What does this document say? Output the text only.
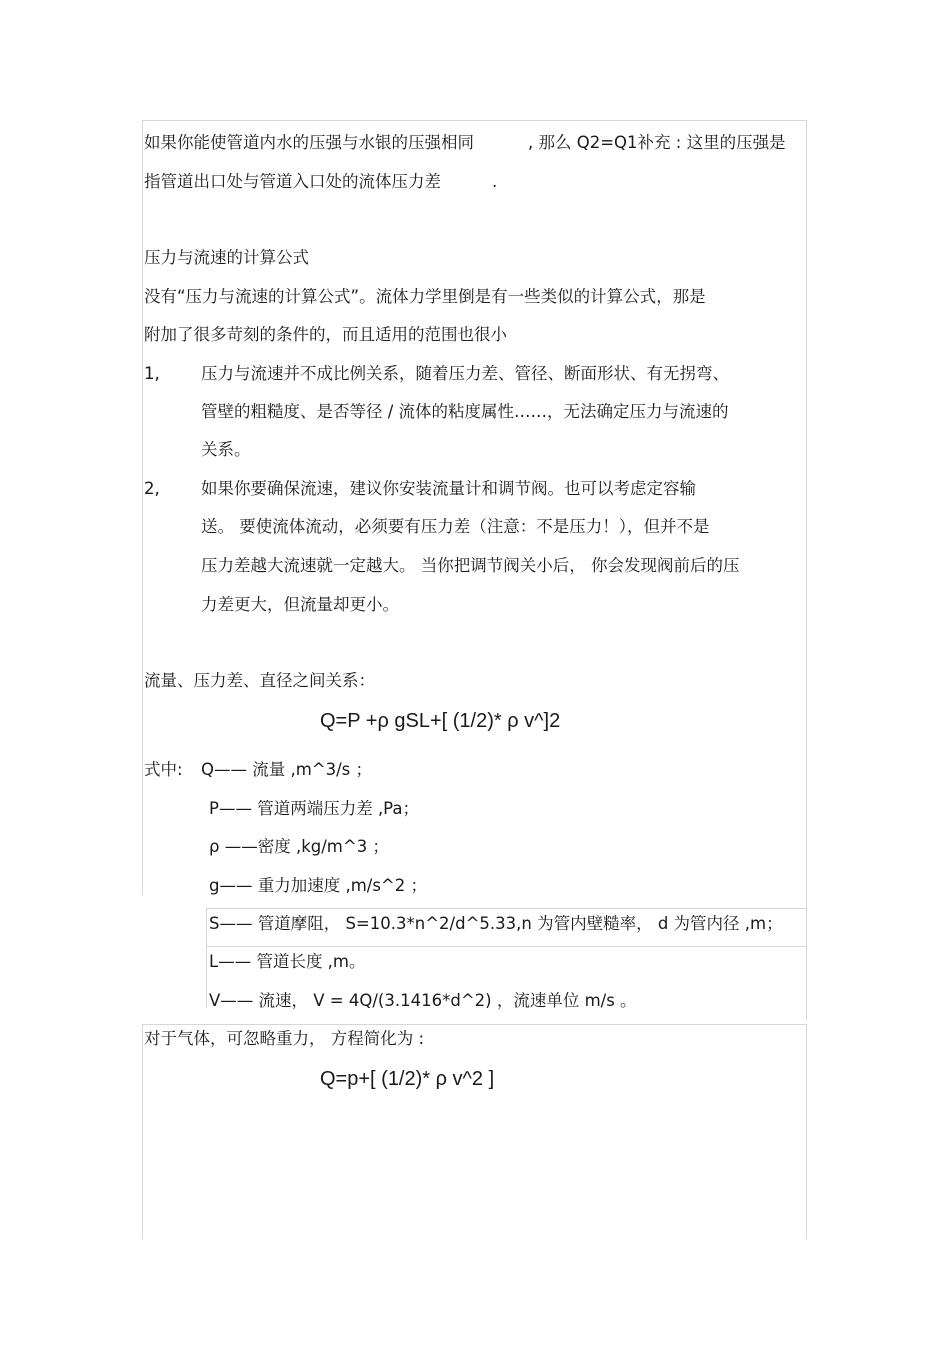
如果你能使管道内水的压强与水银的压强相同	, 那么 Q2=Q1补充 : 这里的压强是
指管道出口处与管道入口处的流体压力差	.
压力与流速的计算公式
没有“压力与流速的计算公式”。流体力学里倒是有一些类似的计算公式，那是
附加了很多苛刻的条件的，而且适用的范围也很小
1,	压力与流速并不成比例关系，随着压力差、管径、断面形状、有无拐弯、
管壁的粗糙度、是否等径 / 流体的粘度属性……，无法确定压力与流速的
关系。
2,	如果你要确保流速，建议你安装流量计和调节阀。也可以考虑定容输
送。 要使流体流动，必须要有压力差（注意：不是压力！），但并不是
压力差越大流速就一定越大。 当你把调节阀关小后， 你会发现阀前后的压
力差更大，但流量却更小。
流量、压力差、直径之间关系：
Q=P +ρ gSL+[ (1/2)* ρ v^]2
式中: Q—— 流量 ,m^3/s ；
P—— 管道两端压力差 ,Pa；
ρ ——密度 ,kg/m^3 ；
g—— 重力加速度 ,m/s^2 ；
S—— 管道摩阻， S=10.3*n^2/d^5.33,n 为管内壁糙率， d 为管内径 ,m；
L—— 管道长度 ,m。
V—— 流速， V = 4Q/(3.1416*d^2) ，流速单位 m/s 。
对于气体，可忽略重力， 方程简化为 :
Q=p+[ (1/2)* ρ v^2 ]
